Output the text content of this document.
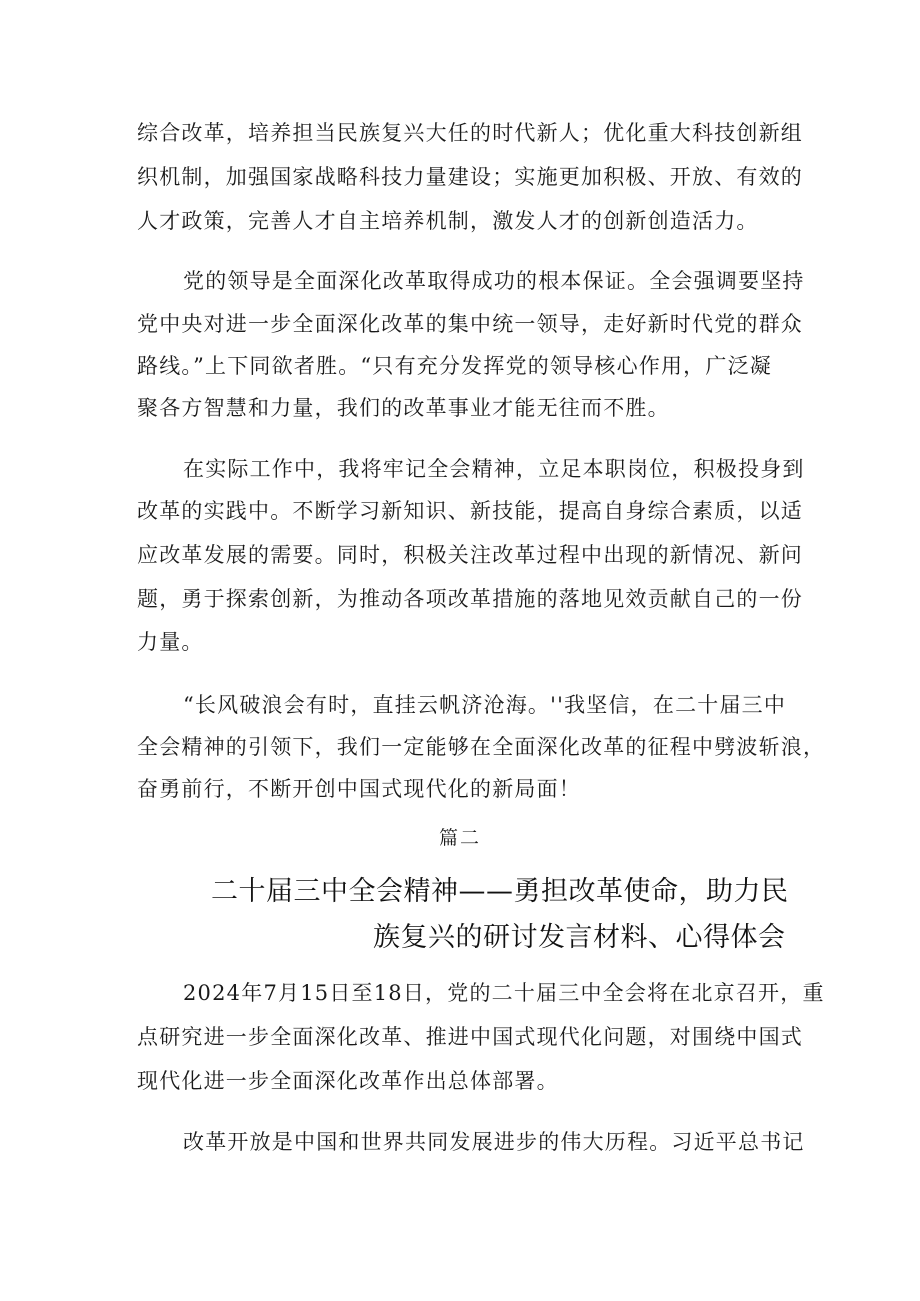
综合改革，培养担当民族复兴大任的时代新人；优化重大科技创新组
织机制，加强国家战略科技力量建设；实施更加积极、开放、有效的
人才政策，完善人才自主培养机制，激发人才的创新创造活力。
党的领导是全面深化改革取得成功的根本保证。全会强调要坚持
党中央对进一步全面深化改革的集中统一领导，走好新时代党的群众
路线。”上下同欲者胜。“只有充分发挥党的领导核心作用，广泛凝
聚各方智慧和力量，我们的改革事业才能无往而不胜。
在实际工作中，我将牢记全会精神，立足本职岗位，积极投身到
改革的实践中。不断学习新知识、新技能，提高自身综合素质，以适
应改革发展的需要。同时，积极关注改革过程中出现的新情况、新问
题，勇于探索创新，为推动各项改革措施的落地见效贡献自己的一份
力量。
“长风破浪会有时，直挂云帆济沧海。''我坚信，在二十届三中
全会精神的引领下，我们一定能够在全面深化改革的征程中劈波斩浪，
奋勇前行，不断开创中国式现代化的新局面！
篇二
二十届三中全会精神——勇担改革使命，助力民
族复兴的研讨发言材料、心得体会
2024年7月15日至18日，党的二十届三中全会将在北京召开，重
点研究进一步全面深化改革、推进中国式现代化问题，对围绕中国式
现代化进一步全面深化改革作出总体部署。
改革开放是中国和世界共同发展进步的伟大历程。习近平总书记
